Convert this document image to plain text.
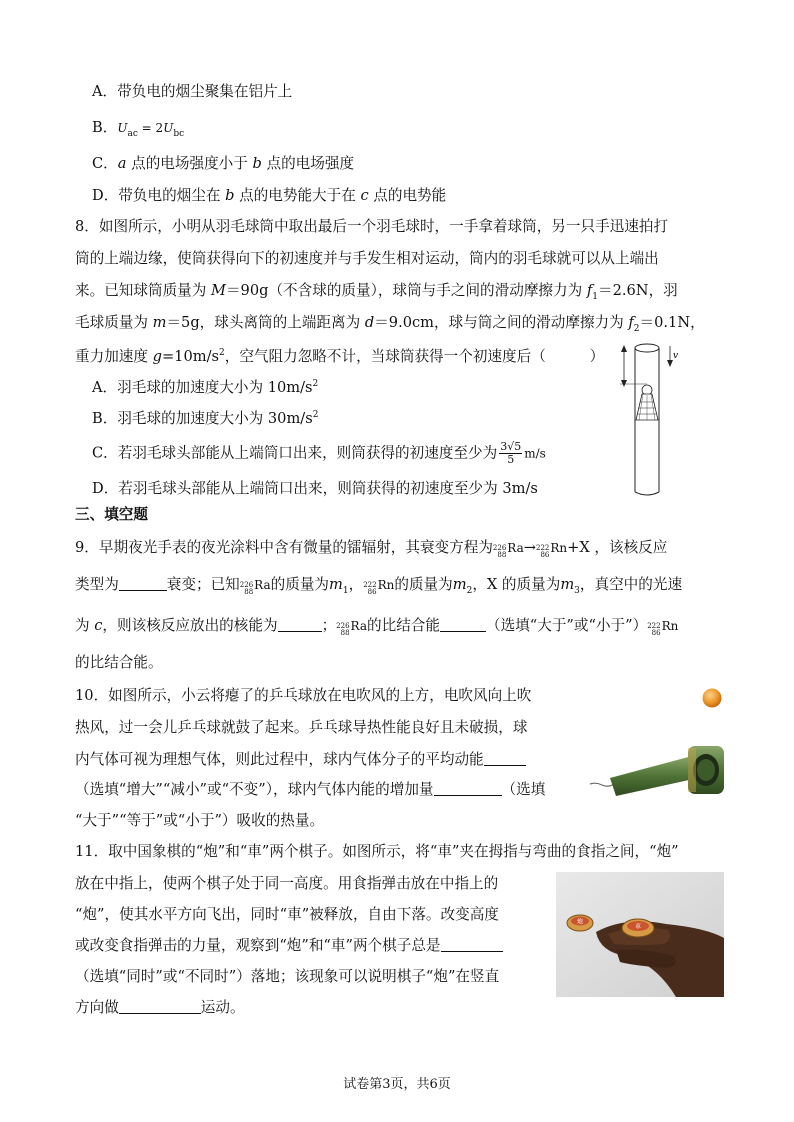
A．带负电的烟尘聚集在铝片上
B．$U_{ac} = 2U_{bc}$
C．a 点的电场强度小于 b 点的电场强度
D．带负电的烟尘在 b 点的电势能大于在 c 点的电势能
8．如图所示，小明从羽毛球筒中取出最后一个羽毛球时，一手拿着球筒，另一只手迅速拍打
筒的上端边缘，使筒获得向下的初速度并与手发生相对运动，筒内的羽毛球就可以从上端出
来。已知球筒质量为 M＝90g（不含球的质量），球筒与手之间的滑动摩擦力为 $f_1=2.6N$，羽
毛球质量为 m＝5g，球头离筒的上端距离为 d＝9.0cm，球与筒之间的滑动摩擦力为 $f_2=0.1N$，
重力加速度 $g=10m/s^2$，空气阻力忽略不计，当球筒获得一个初速度后（　　　）
A．羽毛球的加速度大小为 $10m/s^2$
B．羽毛球的加速度大小为 $30m/s^2$
C．若羽毛球头部能从上端筒口出来，则筒获得的初速度至少为 $\frac{3√5}{5} m/s$
D．若羽毛球头部能从上端筒口出来，则筒获得的初速度至少为 3m/s
v
三、填空题
9．早期夜光手表的夜光涂料中含有微量的镭辐射，其衰变方程为 226
88 Ra→ 222
86 Rn+X ，该核反应
类型为	衰变；已知 226
88 Ra的质量为$m_1$， 222
86 Rn的质量为$m_2$，X 的质量为$m_3$，真空中的光速
为 c，则该核反应放出的核能为	； 226
88 Ra的比结合能	（选填“大于”或“小于”） 222
86 Rn
的比结合能。
10．如图所示，小云将瘪了的乒乓球放在电吹风的上方，电吹风向上吹
热风，过一会儿乒乓球就鼓了起来。乒乓球导热性能良好且未破损，球
内气体可视为理想气体，则此过程中，球内气体分子的平均动能
（选填“增大”“减小”或“不变”），球内气体内能的增加量	（选填
“大于”“等于”或“小于”）吸收的热量。
11．取中国象棋的“炮”和“車”两个棋子。如图所示，将“車”夹在拇指与弯曲的食指之间，“炮”
放在中指上，使两个棋子处于同一高度。用食指弹击放在中指上的
“炮”，使其水平方向飞出，同时“車”被释放，自由下落。改变高度
或改变食指弹击的力量，观察到“炮”和“車”两个棋子总是
（选填“同时”或“不同时”）落地；该现象可以说明棋子“炮”在竖直
方向做	运动。
炮
車
试卷第3页，共6页
